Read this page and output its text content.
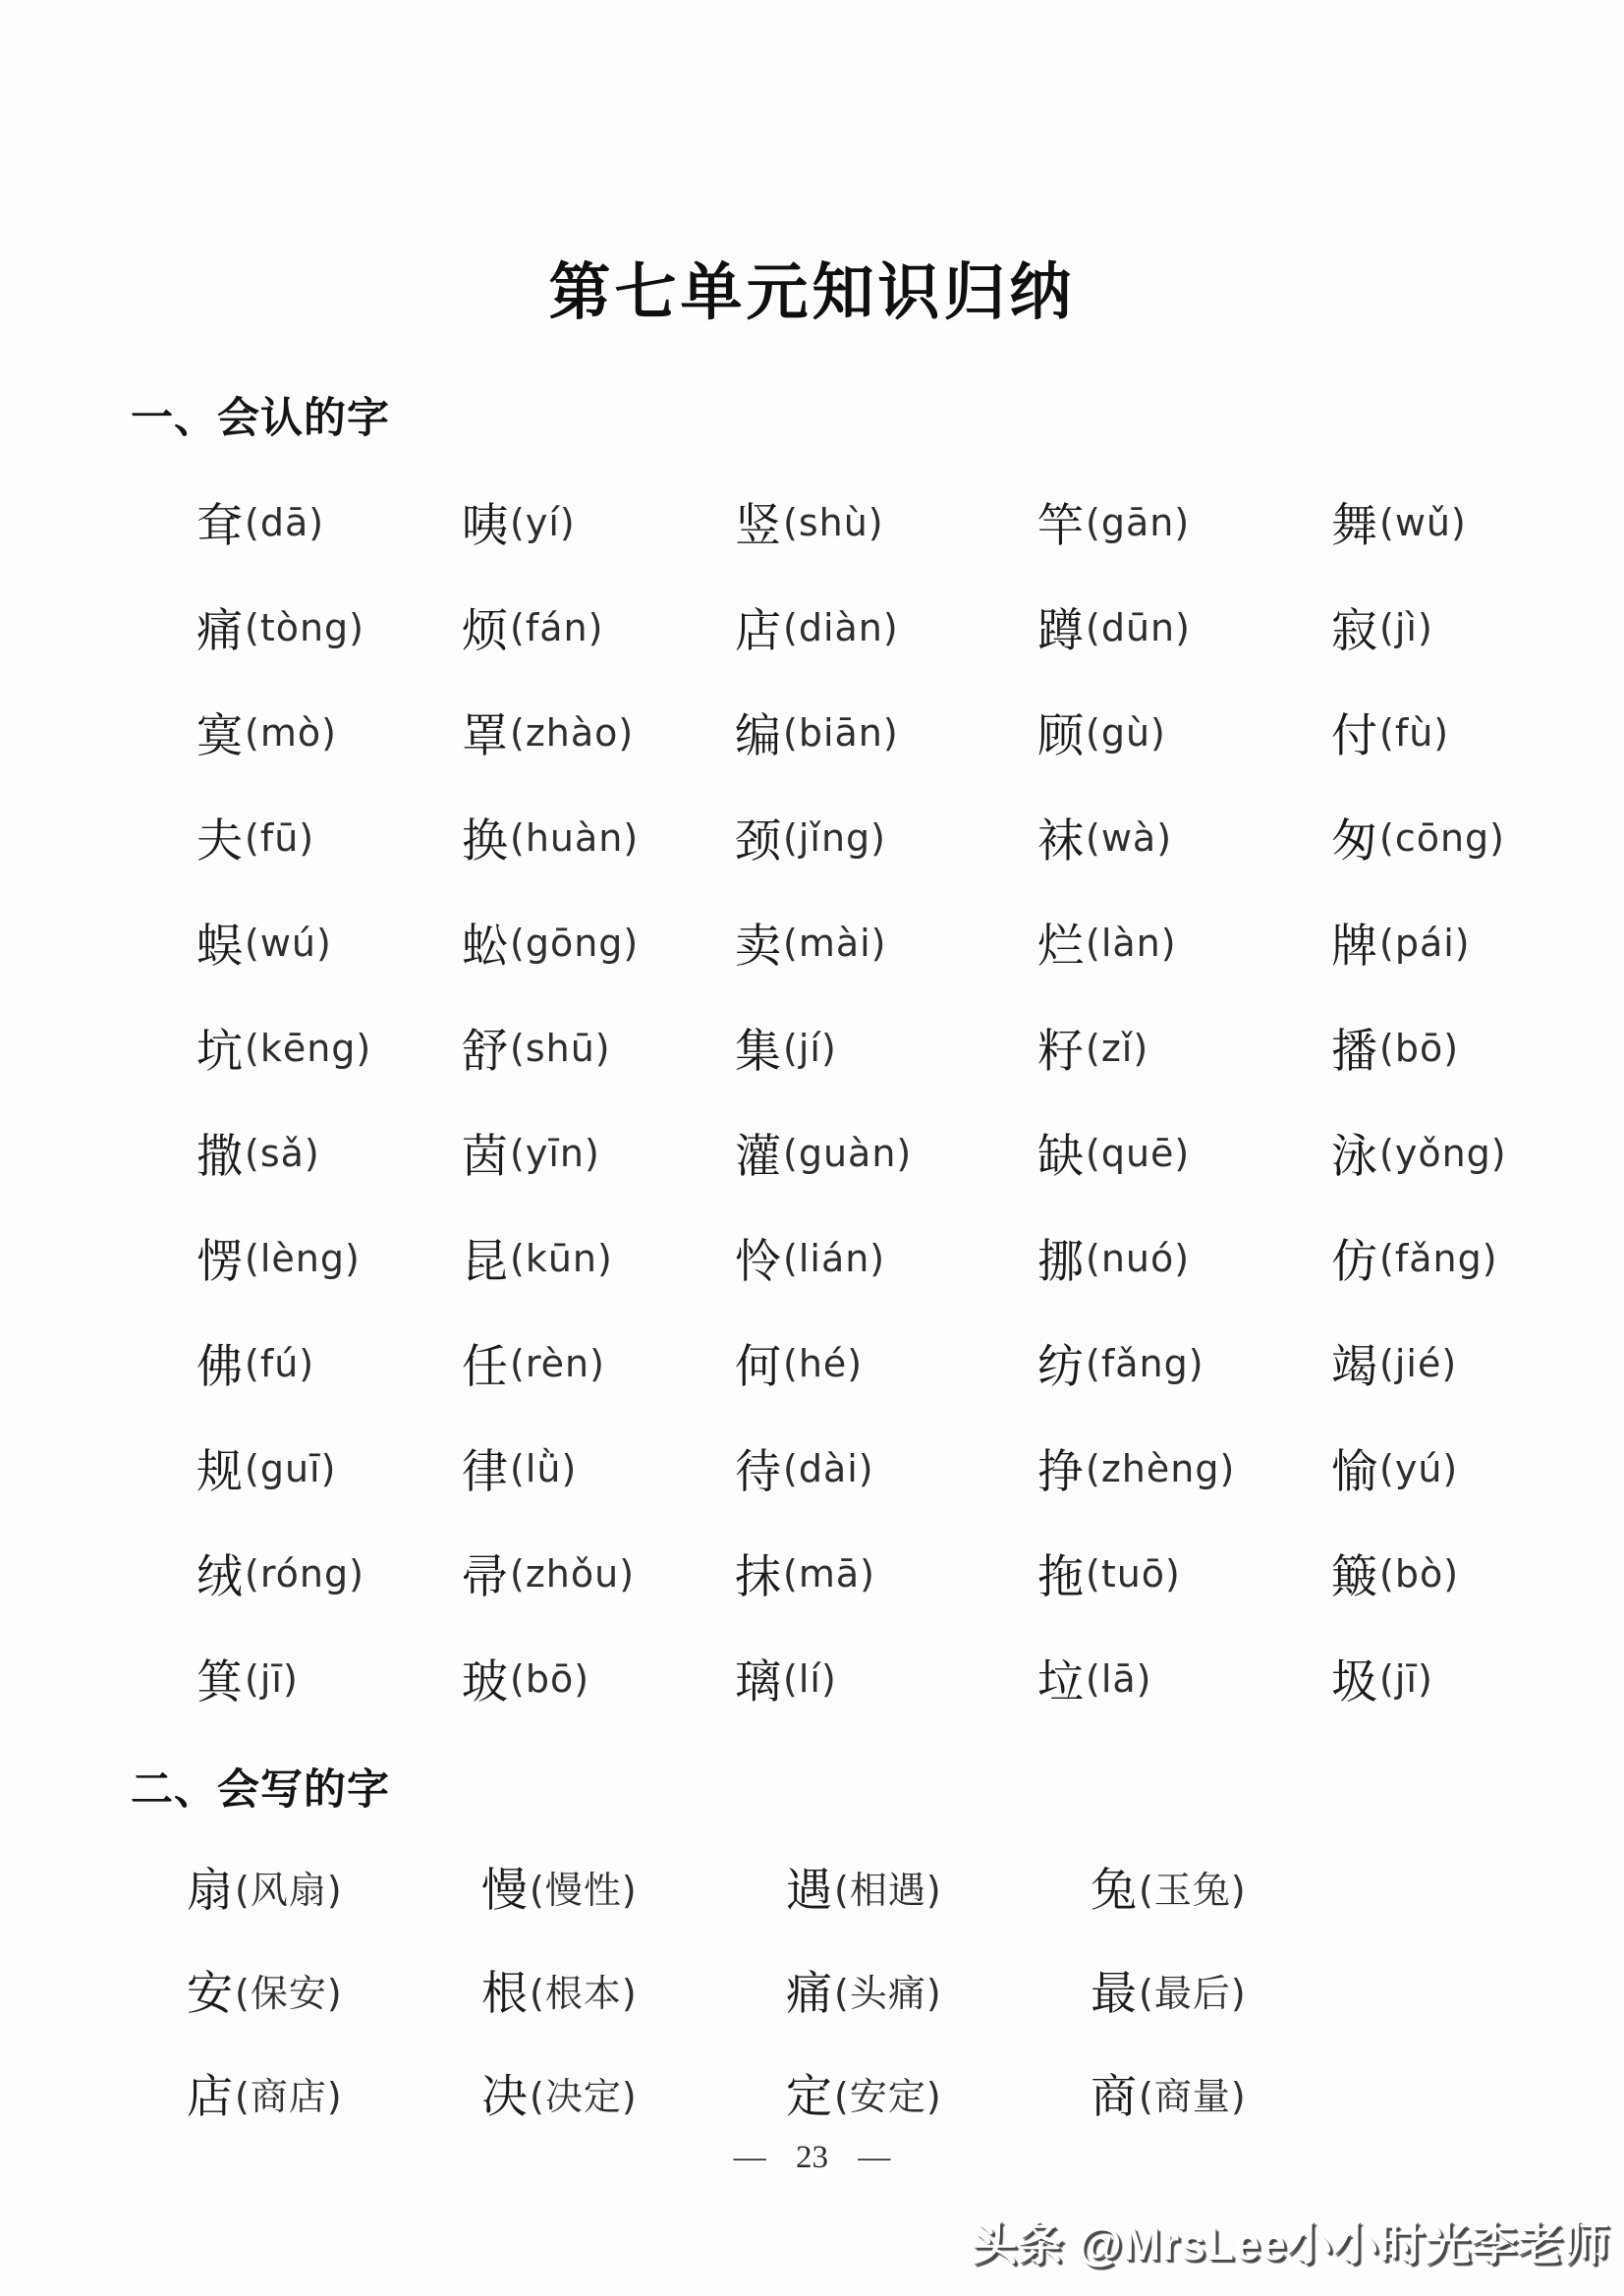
第七单元知识归纳
一、会认的字
耷 (dā)	咦 (yí)	竖 (shù)	竿 (gān)	舞 (wǔ)
痛 (tòng) 烦 (fán)	店 (diàn)	蹲 (dūn)	寂 (jì)
寞 (mò)	罩 (zhào) 编 (biān)	顾 (gù)	付 (fù)
夫 (fū)	换 (huàn) 颈 (jǐng)	袜 (wà)	匆 (cōng)
蜈 (wú)	蚣 (gōng) 卖 (mài)	烂 (làn)	牌 (pái)
坑 (kēng) 舒 (shū)	集 (jí)	籽 (zǐ)	播 (bō)
撒 (sǎ)	茵 (yīn)	灌 (guàn)	缺 (quē)	泳 (yǒng)
愣 (lèng) 昆 (kūn)	怜 (lián)	挪 (nuó)	仿 (fǎng)
佛 (fú)	任 (rèn)	何 (hé)	纺 (fǎng)	竭 (jié)
规 (guī)	律 (lǜ)	待 (dài)	挣 (zhèng) 愉 (yú)
绒 (róng) 帚 (zhǒu) 抹 (mā)	拖 (tuō)	簸 (bò)
箕 (jī)	玻 (bō)	璃 (lí)	垃 (lā)	圾 (jī)
二、会写的字
扇 (风扇)	慢 (慢性)	遇 (相遇)	兔 (玉兔)
安 (保安)	根 (根本)	痛 (头痛)	最 (最后)
店 (商店)	决 (决定)	定 (安定)	商 (商量)
— 23 —
头条 @MrsLee小小时光李老师
